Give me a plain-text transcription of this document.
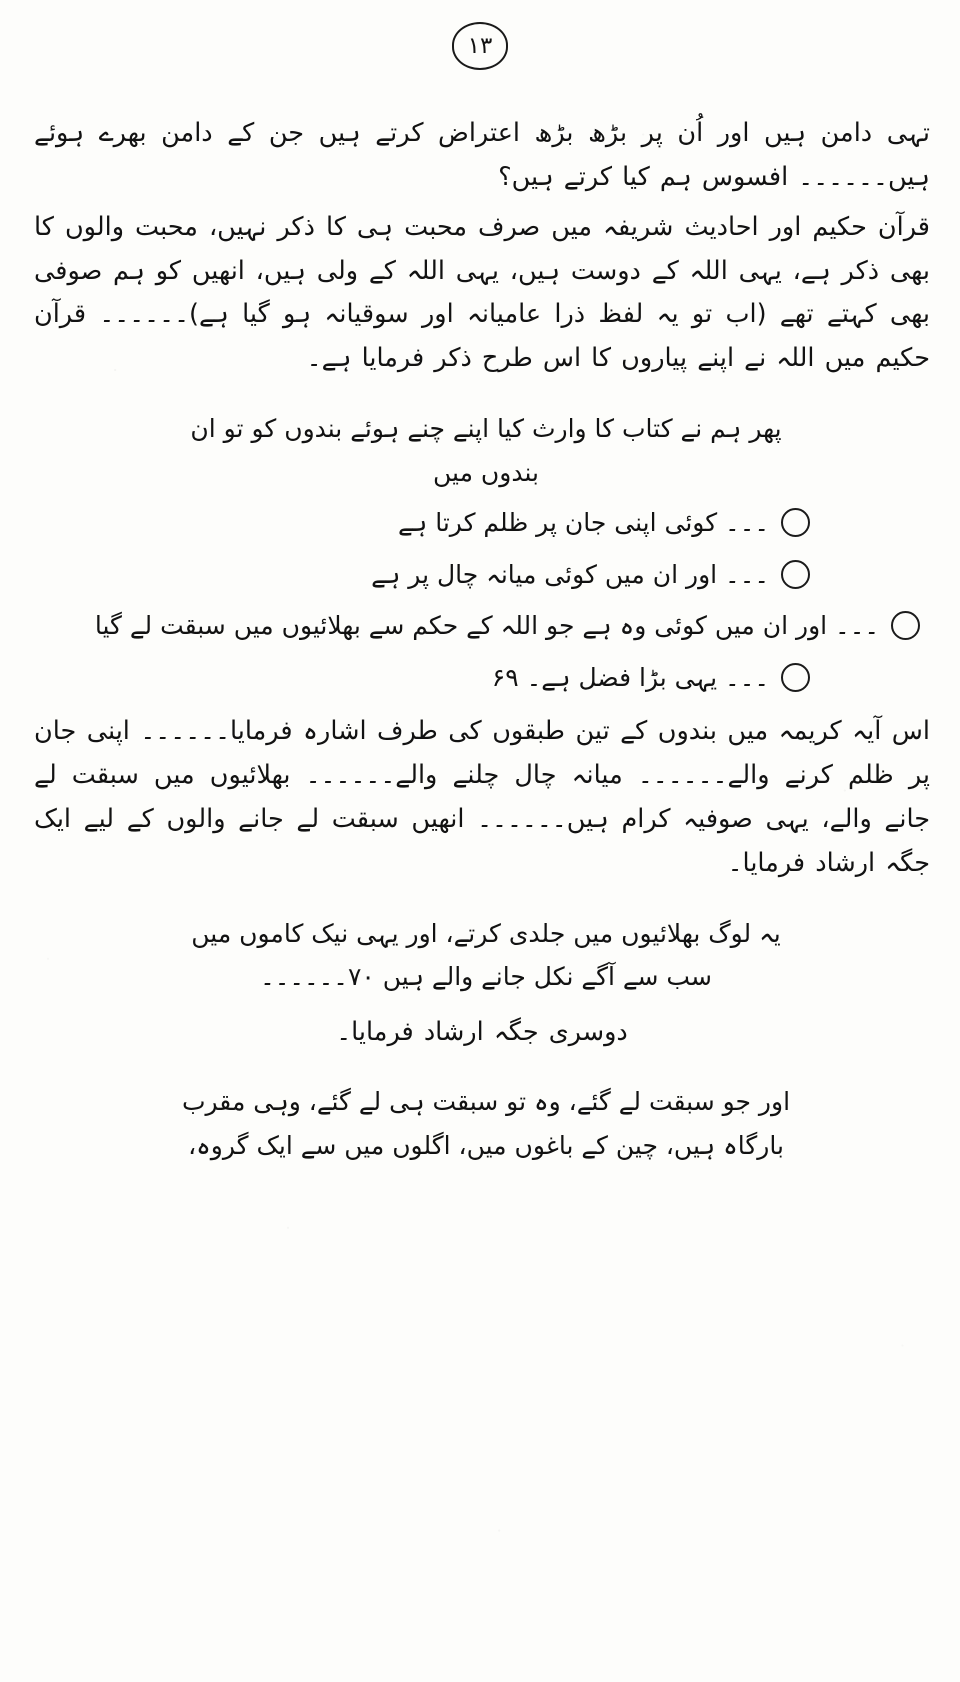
۱۳

تہی دامن ہیں اور اُن پر بڑھ بڑھ اعتراض کرتے ہیں جن کے دامن بھرے ہوئے ہیں۔۔۔۔۔۔ افسوس ہم کیا کرتے ہیں؟

قرآن حکیم اور احادیث شریفہ میں صرف محبت ہی کا ذکر نہیں، محبت والوں کا بھی ذکر ہے، یہی اللہ کے دوست ہیں، یہی اللہ کے ولی ہیں، انھیں کو ہم صوفی بھی کہتے تھے (اب تو یہ لفظ ذرا عامیانہ اور سوقیانہ ہو گیا ہے)۔۔۔۔۔۔ قرآن حکیم میں اللہ نے اپنے پیاروں کا اس طرح ذکر فرمایا ہے۔

پھر ہم نے کتاب کا وارث کیا اپنے چنے ہوئے بندوں کو تو ان
بندوں میں
۔۔۔ کوئی اپنی جان پر ظلم کرتا ہے
۔۔۔ اور ان میں کوئی میانہ چال پر ہے
۔۔۔ اور ان میں کوئی وہ ہے جو اللہ کے حکم سے بھلائیوں میں سبقت لے گیا
۔۔۔ یہی بڑا فضل ہے۔ ۶۹

اس آیہ کریمہ میں بندوں کے تین طبقوں کی طرف اشارہ فرمایا۔۔۔۔۔۔ اپنی جان پر ظلم کرنے والے۔۔۔۔۔۔ میانہ چال چلنے والے۔۔۔۔۔۔ بھلائیوں میں سبقت لے جانے والے، یہی صوفیہ کرام ہیں۔۔۔۔۔۔ انھیں سبقت لے جانے والوں کے لیے ایک جگہ ارشاد فرمایا۔

یہ لوگ بھلائیوں میں جلدی کرتے، اور یہی نیک کاموں میں
سب سے آگے نکل جانے والے ہیں ۷۰۔۔۔۔۔۔

دوسری جگہ ارشاد فرمایا۔

اور جو سبقت لے گئے، وہ تو سبقت ہی لے گئے، وہی مقرب
بارگاہ ہیں، چین کے باغوں میں، اگلوں میں سے ایک گروہ،
